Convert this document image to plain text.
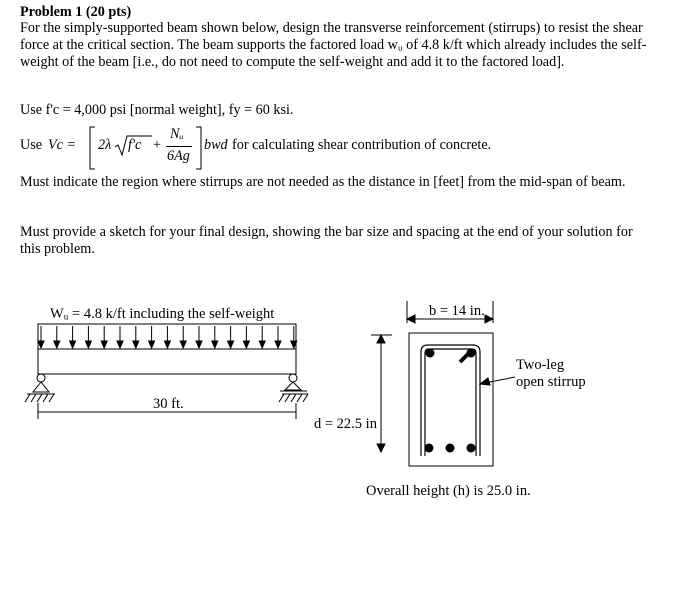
Problem 1 (20 pts)
For the simply-supported beam shown below, design the transverse reinforcement (stirrups) to resist the shear force at the critical section. The beam supports the factored load wᵤ of 4.8 k/ft which already includes the self-weight of the beam [i.e., do not need to compute the self-weight and add it to the factored load].
Use f'c = 4,000 psi [normal weight], fy = 60 ksi.
Use Vc = 2λ f'c +
Nᵤ
6Ag
bwd for calculating shear contribution of concrete.
Must indicate the region where stirrups are not needed as the distance in [feet] from the mid-span of beam.
Must provide a sketch for your final design, showing the bar size and spacing at the end of your solution for this problem.
Wᵤ = 4.8 k/ft including the self-weight
30 ft.
b = 14 in.
d = 22.5 in
Two-leg
open stirrup
Overall height (h) is 25.0 in.
